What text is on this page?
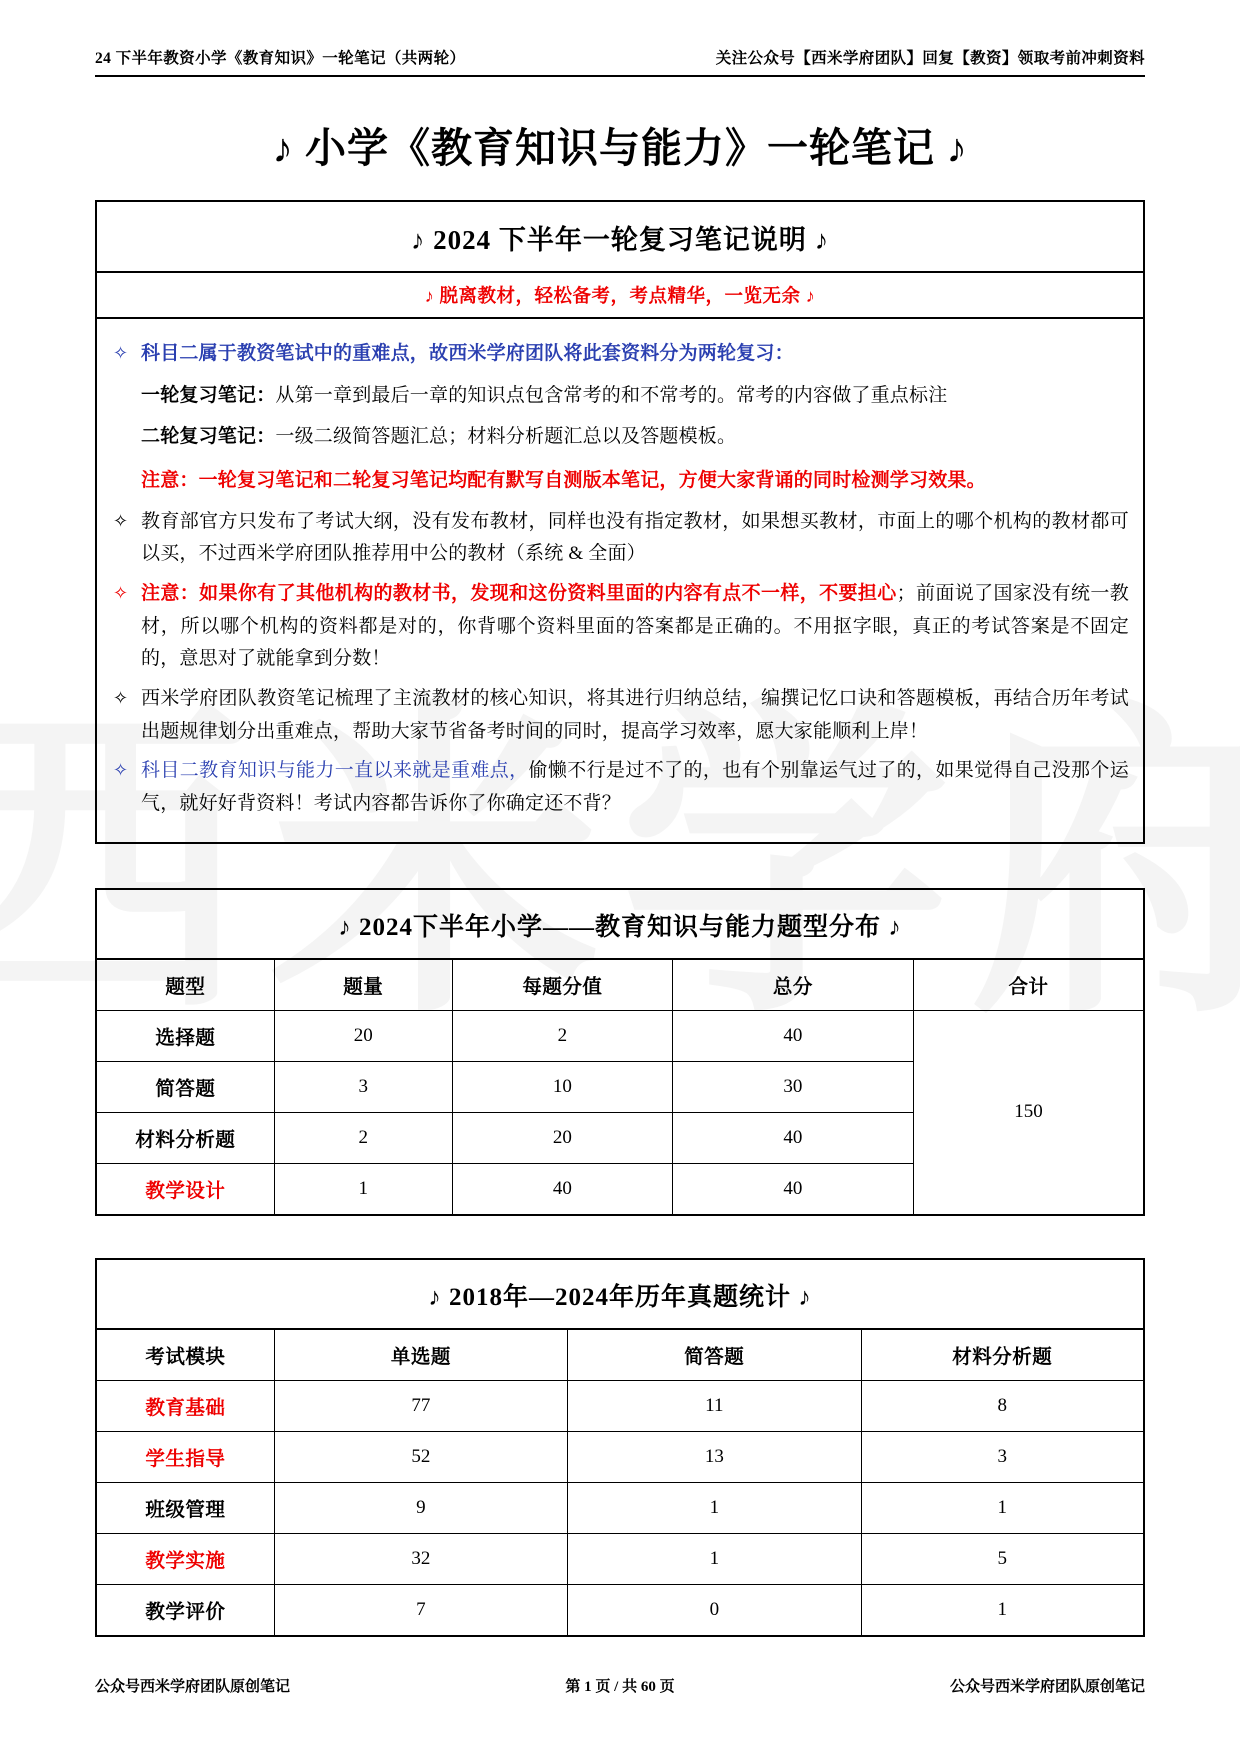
24 下半年教资小学《教育知识》一轮笔记（共两轮）	关注公众号【西米学府团队】回复【教资】领取考前冲刺资料
♪ 小学《教育知识与能力》一轮笔记 ♪
♪ 2024 下半年一轮复习笔记说明 ♪
♪ 脱离教材，轻松备考，考点精华，一览无余 ♪
✧ 科目二属于教资笔试中的重难点，故西米学府团队将此套资料分为两轮复习：
一轮复习笔记：从第一章到最后一章的知识点包含常考的和不常考的。常考的内容做了重点标注
二轮复习笔记：一级二级简答题汇总；材料分析题汇总以及答题模板。
注意：一轮复习笔记和二轮复习笔记均配有默写自测版本笔记，方便大家背诵的同时检测学习效果。
✧ 教育部官方只发布了考试大纲，没有发布教材，同样也没有指定教材，如果想买教材，市面上的哪个机构的教材都可以买，不过西米学府团队推荐用中公的教材（系统 & 全面）
✧ 注意：如果你有了其他机构的教材书，发现和这份资料里面的内容有点不一样，不要担心；前面说了国家没有统一教材，所以哪个机构的资料都是对的，你背哪个资料里面的答案都是正确的。不用抠字眼，真正的考试答案是不固定的，意思对了就能拿到分数！
✧ 西米学府团队教资笔记梳理了主流教材的核心知识，将其进行归纳总结，编撰记忆口诀和答题模板，再结合历年考试出题规律划分出重难点，帮助大家节省备考时间的同时，提高学习效率，愿大家能顺利上岸！
✧ 科目二教育知识与能力一直以来就是重难点，偷懒不行是过不了的，也有个别靠运气过了的，如果觉得自己没那个运气，就好好背资料！考试内容都告诉你了你确定还不背？
♪ 2024下半年小学——教育知识与能力题型分布 ♪
题型	题量	每题分值	总分	合计
选择题	20	2	40	150
简答题	3	10	30	
材料分析题	2	20	40	
教学设计	1	40	40	
♪ 2018年—2024年历年真题统计 ♪
考试模块	单选题	简答题	材料分析题
教育基础	77	11	8
学生指导	52	13	3
班级管理	9	1	1
教学实施	32	1	5
教学评价	7	0	1
公众号西米学府团队原创笔记	第 1 页 / 共 60 页	公众号西米学府团队原创笔记
